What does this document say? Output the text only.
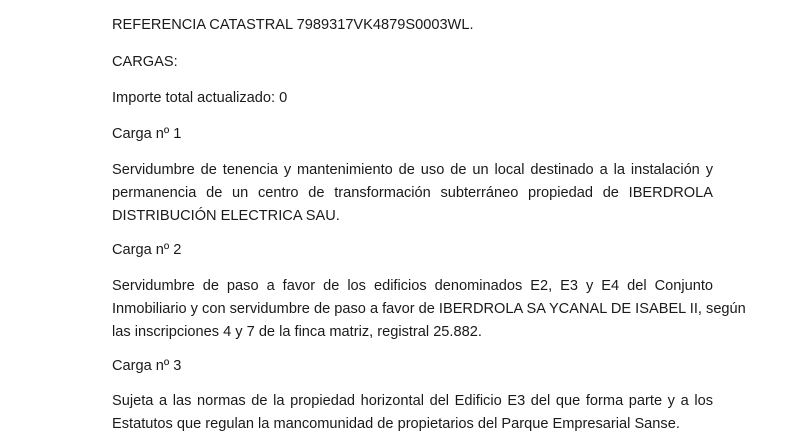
REFERENCIA CATASTRAL 7989317VK4879S0003WL.
CARGAS:
Importe total actualizado: 0
Carga nº 1
Servidumbre de tenencia y mantenimiento de uso de un local destinado a la instalación y
permanencia de un centro de transformación subterráneo propiedad de IBERDROLA
DISTRIBUCIÓN ELECTRICA SAU.
Carga nº 2
Servidumbre de paso a favor de los edificios denominados E2, E3 y E4 del Conjunto
Inmobiliario y con servidumbre de paso a favor de IBERDROLA SA YCANAL DE ISABEL II, según
las inscripciones 4 y 7 de la finca matriz, registral 25.882.
Carga nº 3
Sujeta a las normas de la propiedad horizontal del Edificio E3 del que forma parte y a los
Estatutos que regulan la mancomunidad de propietarios del Parque Empresarial Sanse.
